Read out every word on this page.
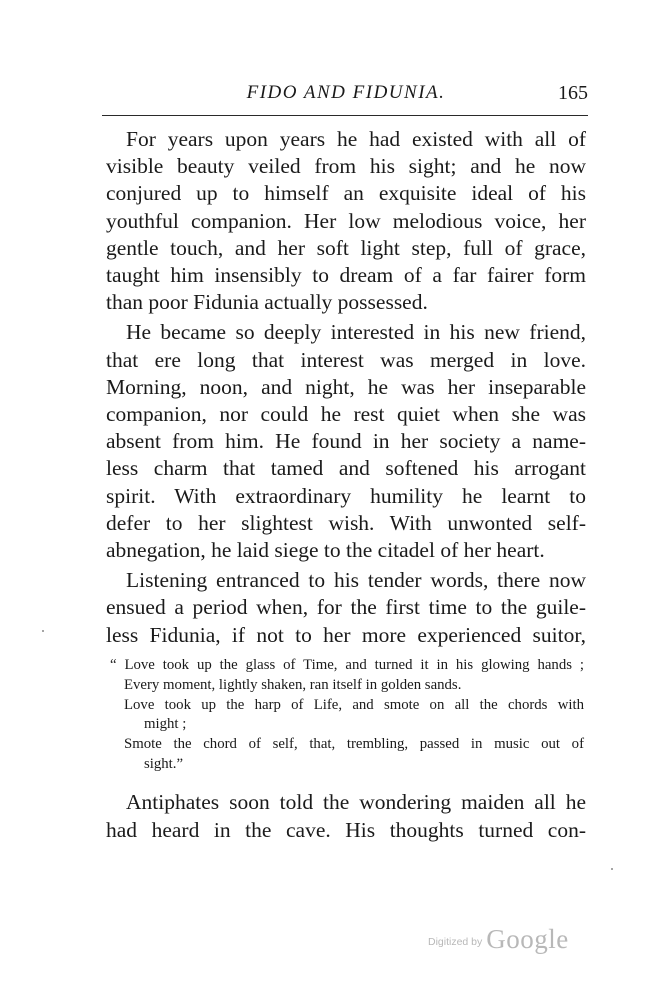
FIDO AND FIDUNIA.	165

For years upon years he had existed with all of
visible beauty veiled from his sight; and he now
conjured up to himself an exquisite ideal of his
youthful companion. Her low melodious voice, her
gentle touch, and her soft light step, full of grace,
taught him insensibly to dream of a far fairer form
than poor Fidunia actually possessed.

He became so deeply interested in his new friend,
that ere long that interest was merged in love.
Morning, noon, and night, he was her inseparable
companion, nor could he rest quiet when she was
absent from him. He found in her society a name-
less charm that tamed and softened his arrogant
spirit. With extraordinary humility he learnt to
defer to her slightest wish. With unwonted self-
abnegation, he laid siege to the citadel of her heart.

Listening entranced to his tender words, there now
ensued a period when, for the first time to the guile-
less Fidunia, if not to her more experienced suitor,

“ Love took up the glass of Time, and turned it in his glowing hands ;
Every moment, lightly shaken, ran itself in golden sands.
Love took up the harp of Life, and smote on all the chords with
might ;
Smote the chord of self, that, trembling, passed in music out of
sight.”
Antiphates soon told the wondering maiden all he
had heard in the cave. His thoughts turned con-
Digitized by Google
